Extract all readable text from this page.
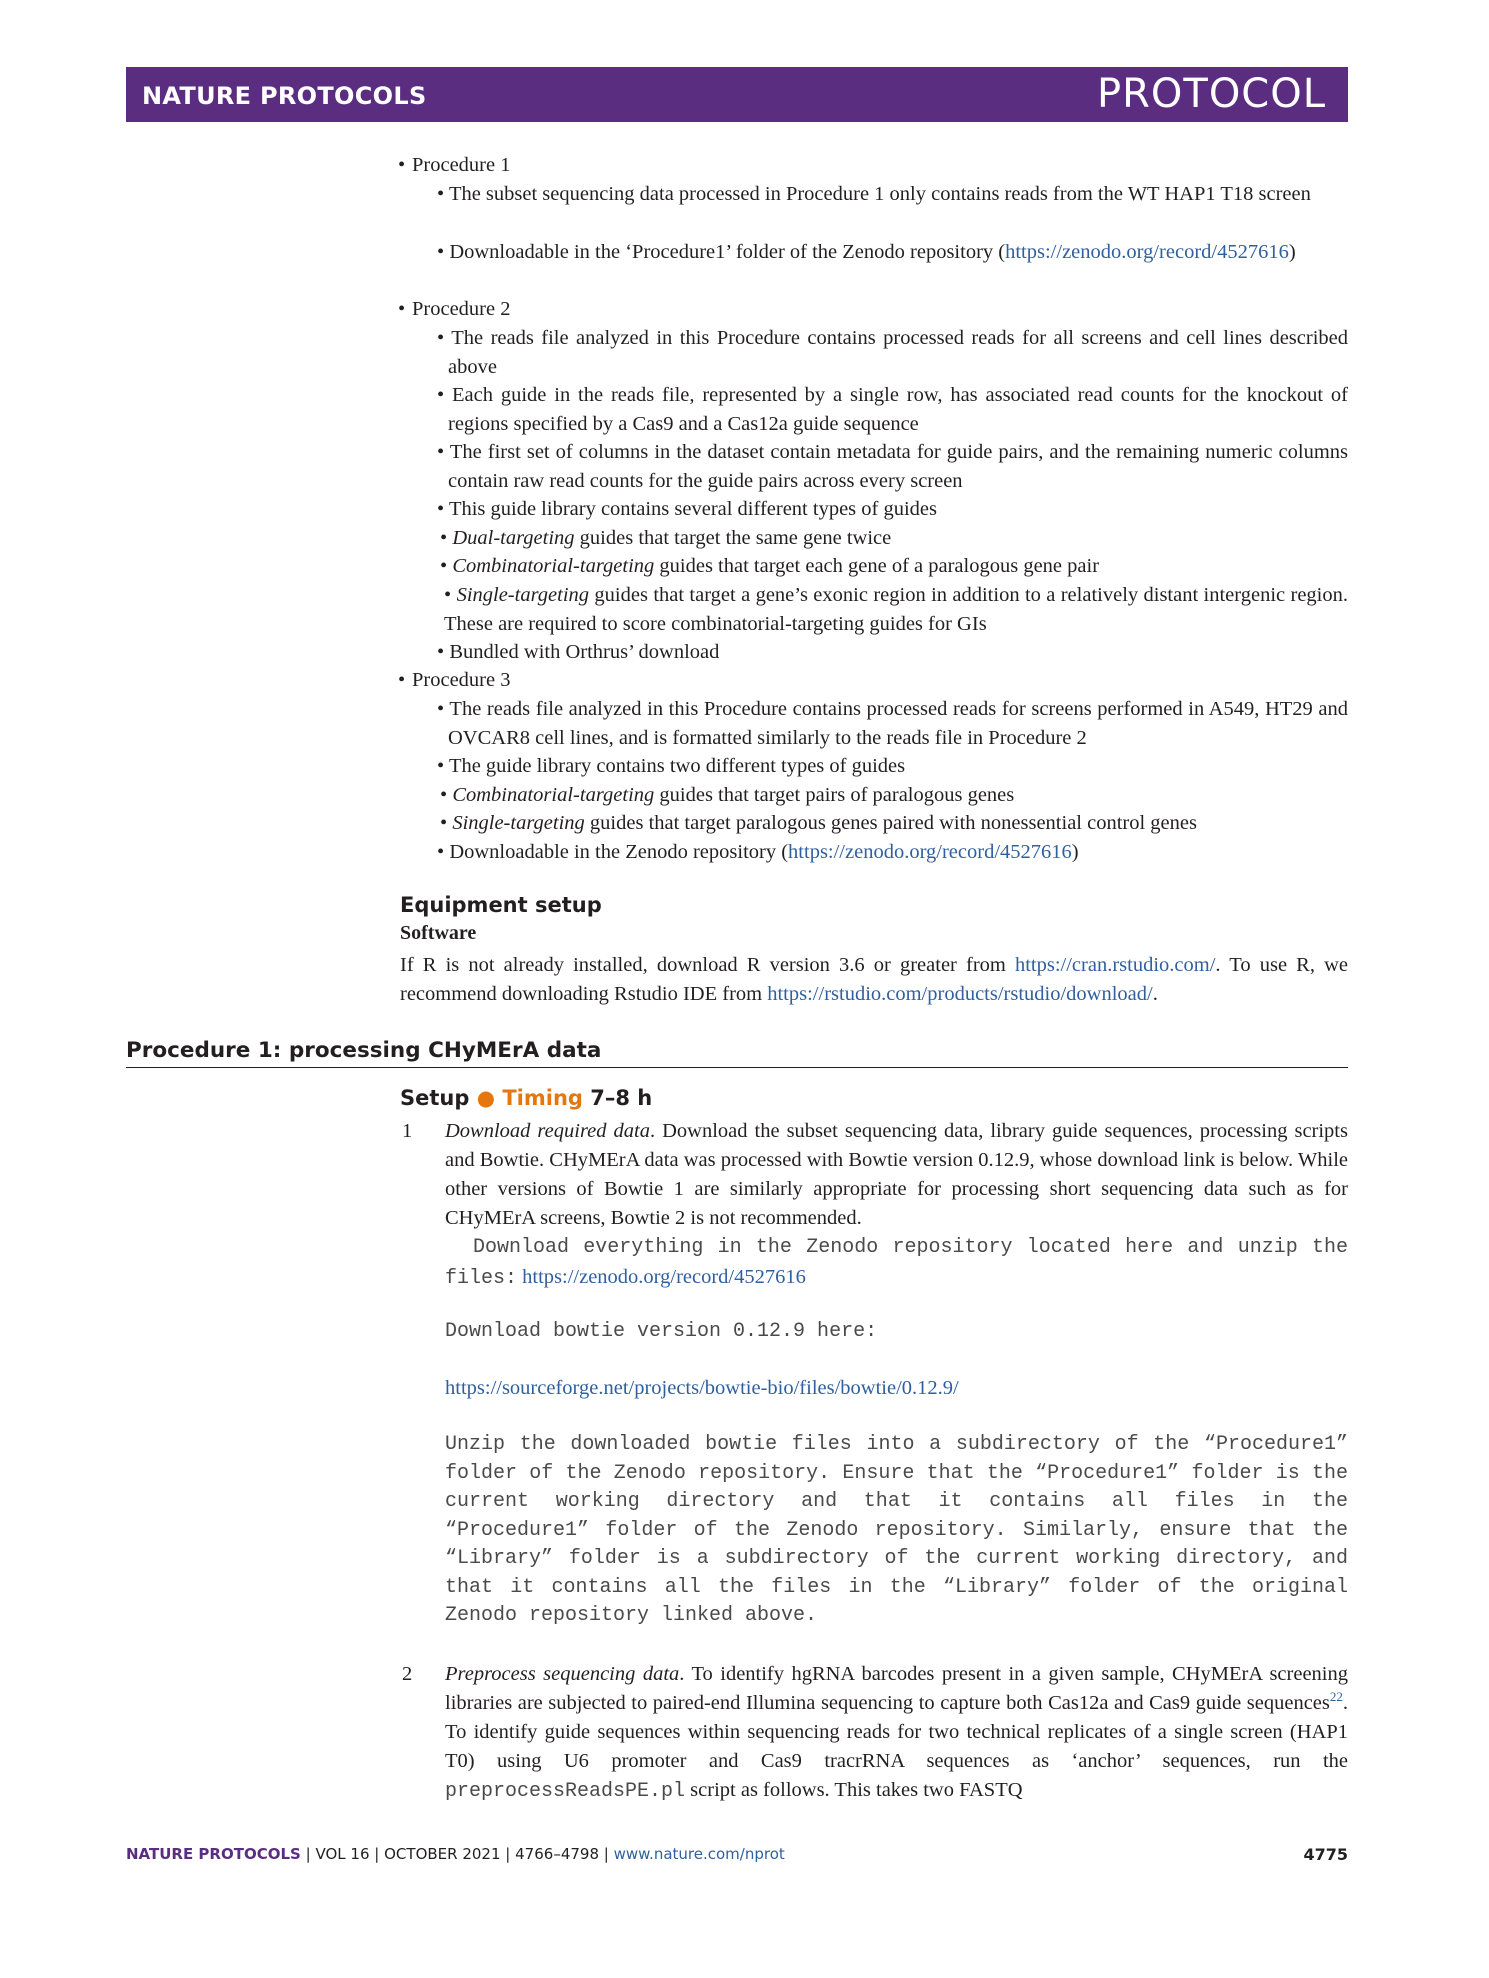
NATURE PROTOCOLS	PROTOCOL
• Procedure 1
• The subset sequencing data processed in Procedure 1 only contains reads from the WT HAP1 T18 screen
• Downloadable in the ‘Procedure1’ folder of the Zenodo repository (https://zenodo.org/record/4527616)
• Procedure 2
• The reads file analyzed in this Procedure contains processed reads for all screens and cell lines described above
• Each guide in the reads file, represented by a single row, has associated read counts for the knockout of regions specified by a Cas9 and a Cas12a guide sequence
• The first set of columns in the dataset contain metadata for guide pairs, and the remaining numeric columns contain raw read counts for the guide pairs across every screen
• This guide library contains several different types of guides
• Dual-targeting guides that target the same gene twice
• Combinatorial-targeting guides that target each gene of a paralogous gene pair
• Single-targeting guides that target a gene’s exonic region in addition to a relatively distant intergenic region. These are required to score combinatorial-targeting guides for GIs
• Bundled with Orthrus’ download
• Procedure 3
• The reads file analyzed in this Procedure contains processed reads for screens performed in A549, HT29 and OVCAR8 cell lines, and is formatted similarly to the reads file in Procedure 2
• The guide library contains two different types of guides
• Combinatorial-targeting guides that target pairs of paralogous genes
• Single-targeting guides that target paralogous genes paired with nonessential control genes
• Downloadable in the Zenodo repository (https://zenodo.org/record/4527616)
Equipment setup
Software
If R is not already installed, download R version 3.6 or greater from https://cran.rstudio.com/. To use R, we recommend downloading Rstudio IDE from https://rstudio.com/products/rstudio/download/.
Procedure 1: processing CHyMErA data
Setup ● Timing 7–8 h
1 Download required data. Download the subset sequencing data, library guide sequences, processing scripts and Bowtie. CHyMErA data was processed with Bowtie version 0.12.9, whose download link is below. While other versions of Bowtie 1 are similarly appropriate for processing short sequencing data such as for CHyMErA screens, Bowtie 2 is not recommended.
Download everything in the Zenodo repository located here and unzip the files: https://zenodo.org/record/4527616
Download bowtie version 0.12.9 here:
https://sourceforge.net/projects/bowtie-bio/files/bowtie/0.12.9/
Unzip the downloaded bowtie files into a subdirectory of the “Procedure1” folder of the Zenodo repository. Ensure that the “Procedure1” folder is the current working directory and that it contains all files in the “Procedure1” folder of the Zenodo repository. Similarly, ensure that the “Library” folder is a subdirectory of the current working directory, and that it contains all the files in the “Library” folder of the original Zenodo repository linked above.
2 Preprocess sequencing data. To identify hgRNA barcodes present in a given sample, CHyMErA screening libraries are subjected to paired-end Illumina sequencing to capture both Cas12a and Cas9 guide sequences$^{22}$. To identify guide sequences within sequencing reads for two technical replicates of a single screen (HAP1 T0) using U6 promoter and Cas9 tracrRNA sequences as ‘anchor’ sequences, run the preprocessReadsPE.pl script as follows. This takes two FASTQ
NATURE PROTOCOLS | VOL 16 | OCTOBER 2021 | 4766–4798 | www.nature.com/nprot	4775
